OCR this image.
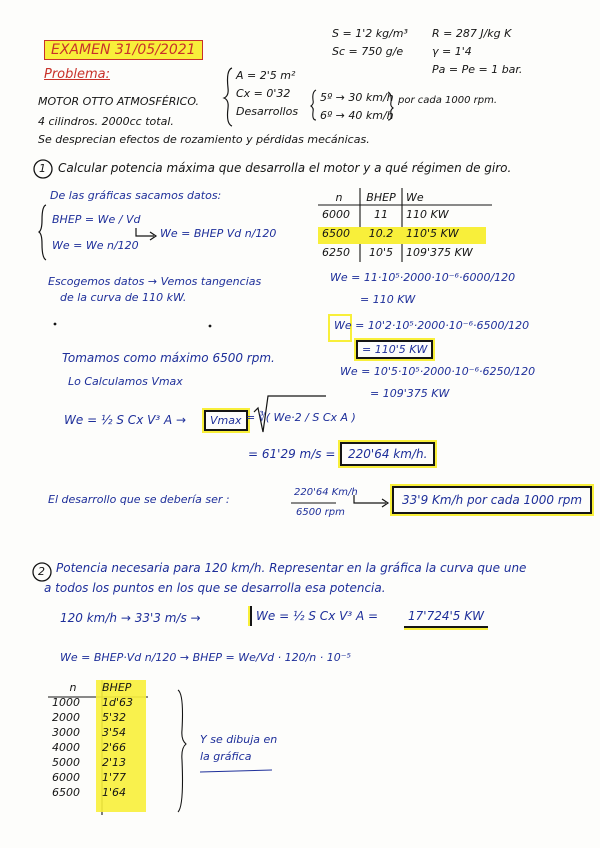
EXAMEN 31/05/2021
Problema:
S = 1'2 kg/m³
Sc = 750 g/e
R = 287 J/kg K
γ = 1'4
Pa = Pe = 1 bar.
MOTOR OTTO ATMOSFÉRICO.
4 cilindros. 2000cc total.
A = 2'5 m²
Cx = 0'32
Desarrollos
5º → 30 km/h
6º → 40 km/h
por cada 1000 rpm.
Se desprecian efectos de rozamiento y pérdidas mecánicas.
1 Calcular potencia máxima que desarrolla el motor y a qué régimen de giro.
De las gráficas sacamos datos:
BHEP = We / Vd
We = We n/120
We = BHEP Vd n/120
n	BHEP	We
6000	11	110 KW
6500	10.2	110'5 KW
6250	10'5	109'375 KW
We = 11·10⁵·2000·10⁻⁶·6000/120
= 110 KW
We = 10'2·10⁵·2000·10⁻⁶·6500/120
= 110'5 KW
We = 10'5·10⁵·2000·10⁻⁶·6250/120
= 109'375 KW
Escogemos datos → Vemos tangencias
de la curva de 110 kW.
Tomamos como máximo 6500 rpm.
Lo Calculamos Vmax
We = ½ S Cx V³ A →	Vmax = ∛( We·2 / S Cx A )
= 61'29 m/s =	220'64 km/h.
El desarrollo que se debería ser :
220'64 Km/h
6500 rpm
33'9 Km/h por cada 1000 rpm
2 Potencia necesaria para 120 km/h. Representar en la gráfica la curva que une
a todos los puntos en los que se desarrolla esa potencia.
120 km/h → 33'3 m/s →	We = ½ S Cx V³ A =	17'724'5 KW
We = BHEP·Vd n/120 → BHEP = We/Vd · 120/n · 10⁻⁵
n	BHEP
1000	1d'63
2000	5'32
3000	3'54
4000	2'66
5000	2'13
6000	1'77
6500	1'64
Y se dibuja en la gráfica
